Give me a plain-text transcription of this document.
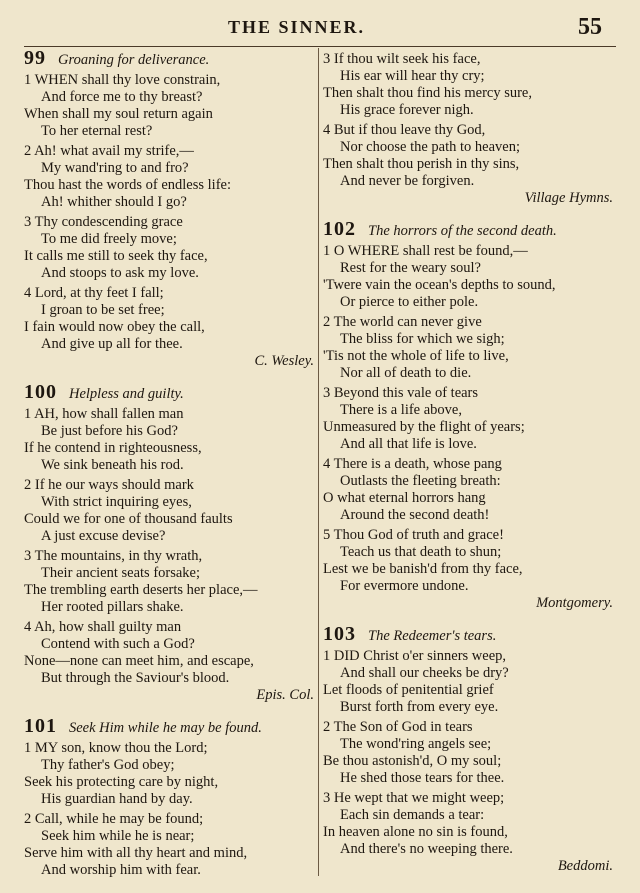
THE SINNER.	55
99 Groaning for deliverance.
1 WHEN shall thy love constrain,
And force me to thy breast?
When shall my soul return again
To her eternal rest?
2 Ah! what avail my strife,—
My wand'ring to and fro?
Thou hast the words of endless life:
Ah! whither should I go?
3 Thy condescending grace
To me did freely move;
It calls me still to seek thy face,
And stoops to ask my love.
4 Lord, at thy feet I fall;
I groan to be set free;
I fain would now obey the call,
And give up all for thee.
C. Wesley.
100 Helpless and guilty.
1 AH, how shall fallen man
Be just before his God?
If he contend in righteousness,
We sink beneath his rod.
2 If he our ways should mark
With strict inquiring eyes,
Could we for one of thousand faults
A just excuse devise?
3 The mountains, in thy wrath,
Their ancient seats forsake;
The trembling earth deserts her place,—
Her rooted pillars shake.
4 Ah, how shall guilty man
Contend with such a God?
None—none can meet him, and escape,
But through the Saviour's blood.
Epis. Col.
101 Seek Him while he may be found.
1 MY son, know thou the Lord;
Thy father's God obey;
Seek his protecting care by night,
His guardian hand by day.
2 Call, while he may be found;
Seek him while he is near;
Serve him with all thy heart and mind,
And worship him with fear.
3 If thou wilt seek his face,
His ear will hear thy cry;
Then shalt thou find his mercy sure,
His grace forever nigh.
4 But if thou leave thy God,
Nor choose the path to heaven;
Then shalt thou perish in thy sins,
And never be forgiven.
Village Hymns.
102 The horrors of the second death.
1 O WHERE shall rest be found,—
Rest for the weary soul?
'Twere vain the ocean's depths to sound,
Or pierce to either pole.
2 The world can never give
The bliss for which we sigh;
'Tis not the whole of life to live,
Nor all of death to die.
3 Beyond this vale of tears
There is a life above,
Unmeasured by the flight of years;
And all that life is love.
4 There is a death, whose pang
Outlasts the fleeting breath:
O what eternal horrors hang
Around the second death!
5 Thou God of truth and grace!
Teach us that death to shun;
Lest we be banish'd from thy face,
For evermore undone.
Montgomery.
103 The Redeemer's tears.
1 DID Christ o'er sinners weep,
And shall our cheeks be dry?
Let floods of penitential grief
Burst forth from every eye.
2 The Son of God in tears
The wond'ring angels see;
Be thou astonish'd, O my soul;
He shed those tears for thee.
3 He wept that we might weep;
Each sin demands a tear:
In heaven alone no sin is found,
And there's no weeping there.
Beddomi.
